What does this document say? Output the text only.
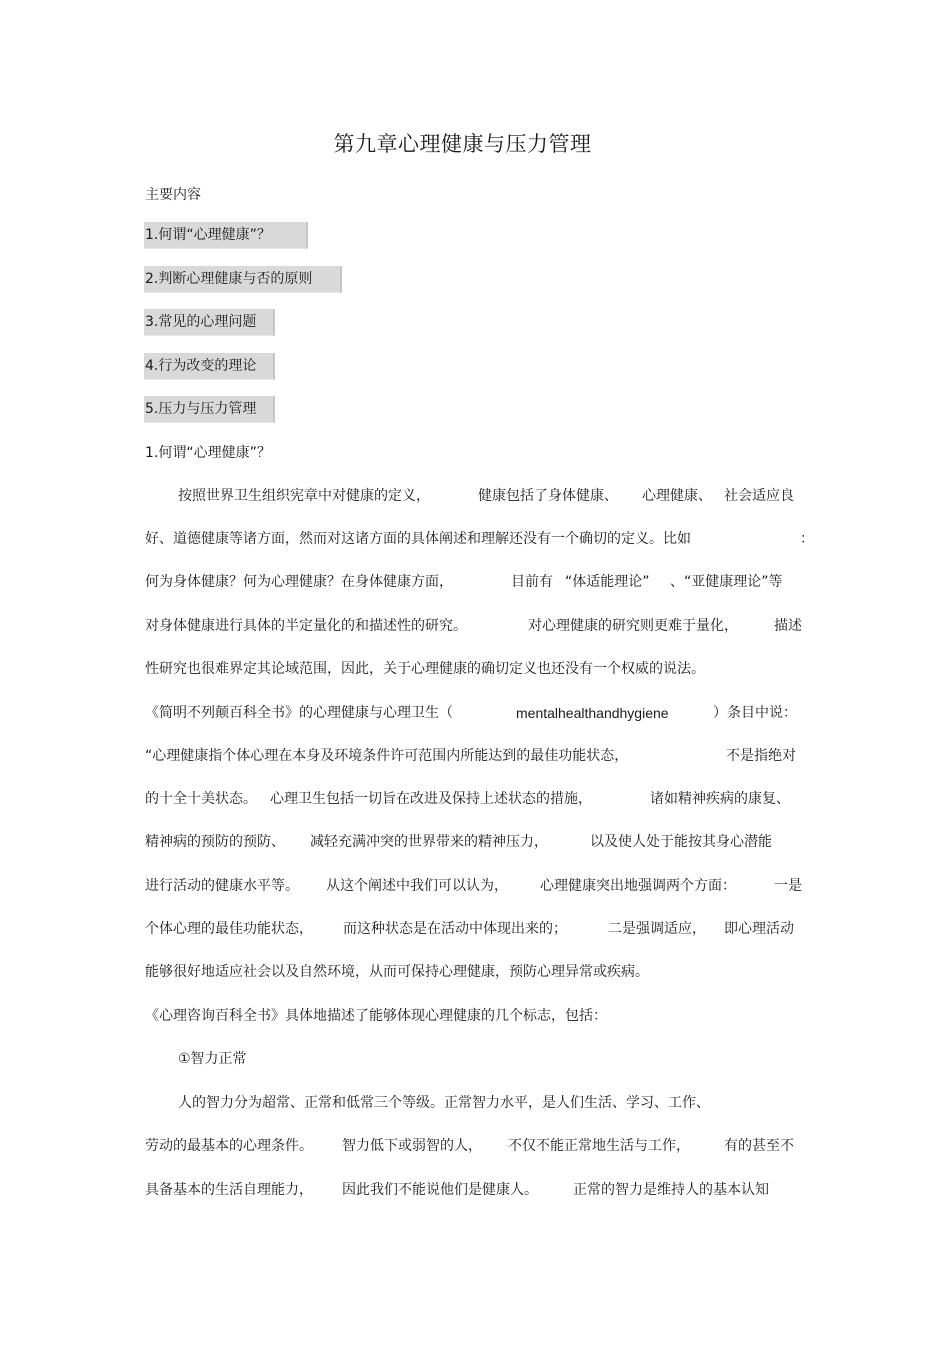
第九章心理健康与压力管理
主要内容
1.何谓“心理健康”？
2.判断心理健康与否的原则
3.常见的心理问题
4.行为改变的理论
5.压力与压力管理
1.何谓“心理健康”？
按照世界卫生组织宪章中对健康的定义，	健康包括了身体健康、 心理健康、 社会适应良
好、道德健康等诸方面，然而对这诸方面的具体阐述和理解还没有一个确切的定义。比如	：
何为身体健康？何为心理健康？在身体健康方面，	目前有 “体适能理论” 、“亚健康理论”等
对身体健康进行具体的半定量化的和描述性的研究。	对心理健康的研究则更难于量化，	描述
性研究也很难界定其论域范围，因此，关于心理健康的确切定义也还没有一个权威的说法。
《简明不列颠百科全书》的心理健康与心理卫生（	mentalhealthandhygiene	）条目中说：
“心理健康指个体心理在本身及环境条件许可范围内所能达到的最佳功能状态，	不是指绝对
的十全十美状态。 心理卫生包括一切旨在改进及保持上述状态的措施，	诸如精神疾病的康复、
精神病的预防的预防、 减轻充满冲突的世界带来的精神压力，	以及使人处于能按其身心潜能
进行活动的健康水平等。 从这个阐述中我们可以认为， 心理健康突出地强调两个方面：	一是
个体心理的最佳功能状态， 而这种状态是在活动中体现出来的；	二是强调适应， 即心理活动
能够很好地适应社会以及自然环境，从而可保持心理健康，预防心理异常或疾病。
《心理咨询百科全书》具体地描述了能够体现心理健康的几个标志，包括：
①智力正常
人的智力分为超常、正常和低常三个等级。正常智力水平，是人们生活、学习、工作、
劳动的最基本的心理条件。 智力低下或弱智的人， 不仅不能正常地生活与工作， 有的甚至不
具备基本的生活自理能力， 因此我们不能说他们是健康人。	正常的智力是维持人的基本认知
